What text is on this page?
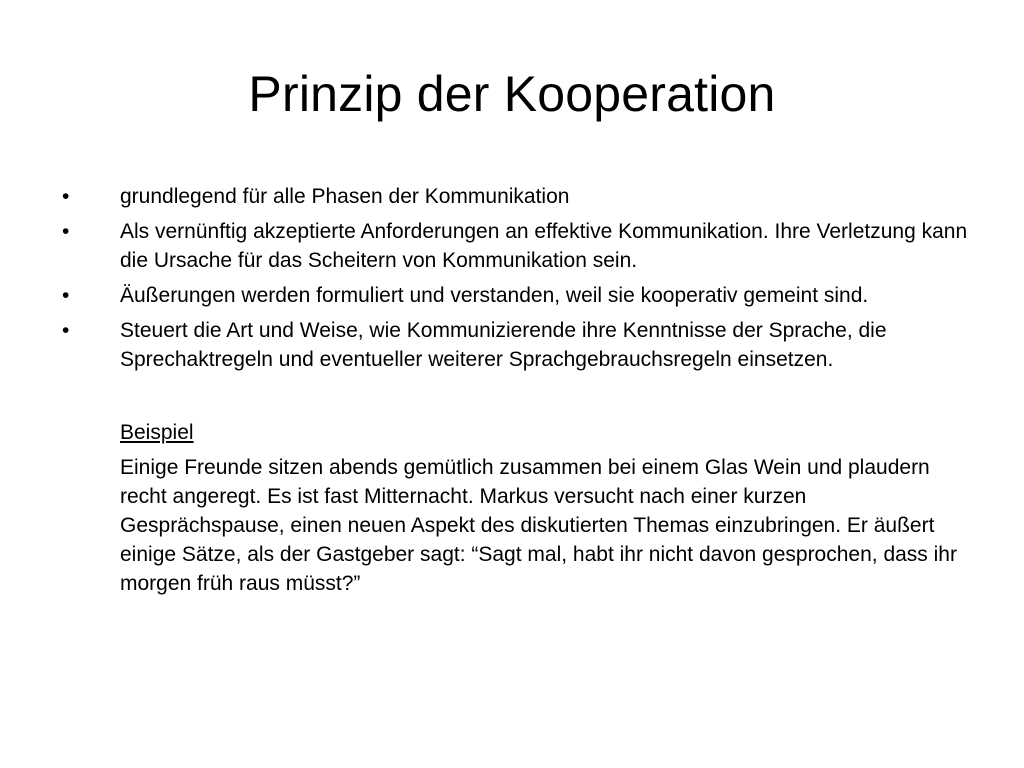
Prinzip der Kooperation
•	grundlegend für alle Phasen der Kommunikation
•	Als vernünftig akzeptierte Anforderungen an effektive Kommunikation. Ihre Verletzung kann die Ursache für das Scheitern von Kommunikation sein.
•	Äußerungen werden formuliert und verstanden, weil sie kooperativ gemeint sind.
•	Steuert die Art und Weise, wie Kommunizierende ihre Kenntnisse der Sprache, die Sprechaktregeln und eventueller weiterer Sprachgebrauchsregeln einsetzen.
Beispiel
Einige Freunde sitzen abends gemütlich zusammen bei einem Glas Wein und plaudern recht angeregt. Es ist fast Mitternacht. Markus versucht nach einer kurzen Gesprächspause, einen neuen Aspekt des diskutierten Themas einzubringen. Er äußert einige Sätze, als der Gastgeber sagt: “Sagt mal, habt ihr nicht davon gesprochen, dass ihr morgen früh raus müsst?”
